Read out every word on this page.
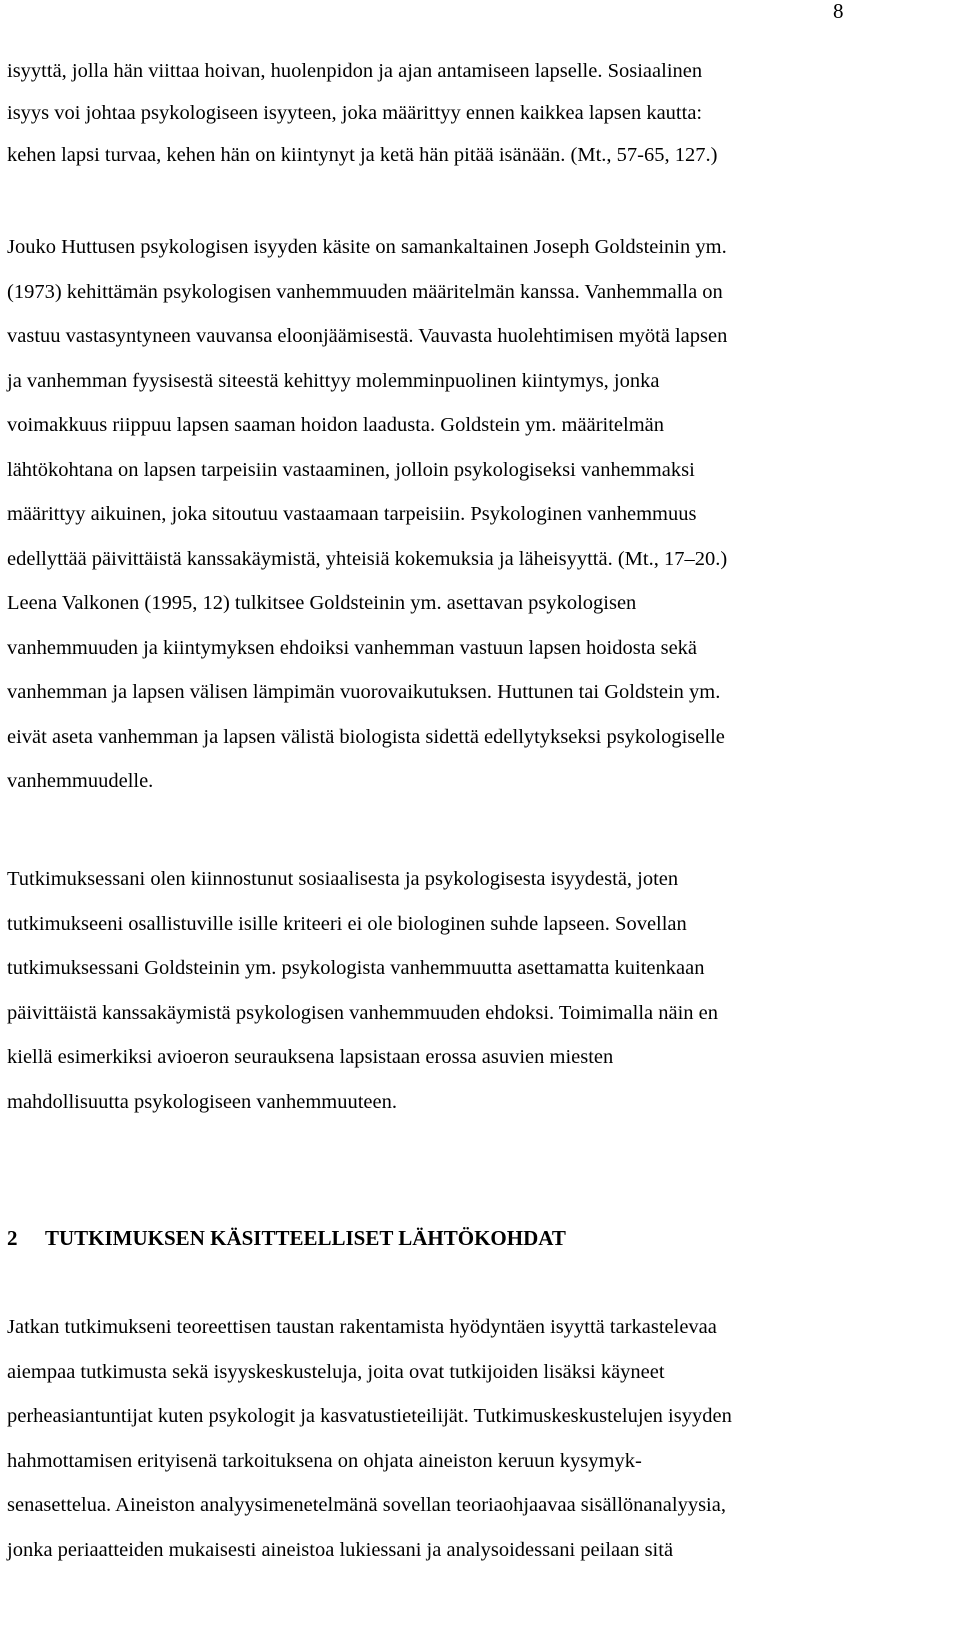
8
isyyttä, jolla hän viittaa hoivan, huolenpidon ja ajan antamiseen lapselle. Sosiaalinen
isyys voi johtaa psykologiseen isyyteen, joka määrittyy ennen kaikkea lapsen kautta:
kehen lapsi turvaa, kehen hän on kiintynyt ja ketä hän pitää isänään. (Mt., 57-65, 127.)
Jouko Huttusen psykologisen isyyden käsite on samankaltainen Joseph Goldsteinin ym.
(1973) kehittämän psykologisen vanhemmuuden määritelmän kanssa. Vanhemmalla on
vastuu vastasyntyneen vauvansa eloonjäämisestä. Vauvasta huolehtimisen myötä lapsen
ja vanhemman fyysisestä siteestä kehittyy molemminpuolinen kiintymys, jonka
voimakkuus riippuu lapsen saaman hoidon laadusta. Goldstein ym. määritelmän
lähtökohtana on lapsen tarpeisiin vastaaminen, jolloin psykologiseksi vanhemmaksi
määrittyy aikuinen, joka sitoutuu vastaamaan tarpeisiin. Psykologinen vanhemmuus
edellyttää päivittäistä kanssakäymistä, yhteisiä kokemuksia ja läheisyyttä. (Mt., 17–20.)
Leena Valkonen (1995, 12) tulkitsee Goldsteinin ym. asettavan psykologisen
vanhemmuuden ja kiintymyksen ehdoiksi vanhemman vastuun lapsen hoidosta sekä
vanhemman ja lapsen välisen lämpimän vuorovaikutuksen. Huttunen tai Goldstein ym.
eivät aseta vanhemman ja lapsen välistä biologista sidettä edellytykseksi psykologiselle
vanhemmuudelle.
Tutkimuksessani olen kiinnostunut sosiaalisesta ja psykologisesta isyydestä, joten
tutkimukseeni osallistuville isille kriteeri ei ole biologinen suhde lapseen. Sovellan
tutkimuksessani Goldsteinin ym. psykologista vanhemmuutta asettamatta kuitenkaan
päivittäistä kanssakäymistä psykologisen vanhemmuuden ehdoksi. Toimimalla näin en
kiellä esimerkiksi avioeron seurauksena lapsistaan erossa asuvien miesten
mahdollisuutta psykologiseen vanhemmuuteen.
2 TUTKIMUKSEN KÄSITTEELLISET LÄHTÖKOHDAT
Jatkan tutkimukseni teoreettisen taustan rakentamista hyödyntäen isyyttä tarkastelevaa
aiempaa tutkimusta sekä isyyskeskusteluja, joita ovat tutkijoiden lisäksi käyneet
perheasiantuntijat kuten psykologit ja kasvatustieteilijät. Tutkimuskeskustelujen isyyden
hahmottamisen erityisenä tarkoituksena on ohjata aineiston keruun kysymyk-
senasettelua. Aineiston analyysimenetelmänä sovellan teoriaohjaavaa sisällönanalyysia,
jonka periaatteiden mukaisesti aineistoa lukiessani ja analysoidessani peilaan sitä
